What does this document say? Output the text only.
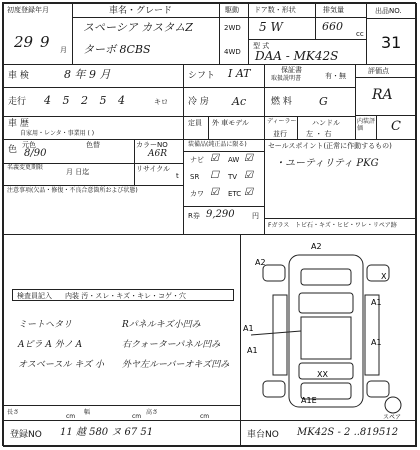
初度登録年月
29 9 月
車名・グレード
スペーシア カスタムZ
ターボ 8CBS
駆動
2WD
4WD
ドア数・形状
5 W
排気量
660
cc
型 式
DAA - MK42S
出品NO.
31
車 検	8 年 9 月	シフト I AT	保証書
取扱説明書	有・無
評価点
RA
走行 4 5 2 5 4	キロ 冷 房 Ac	燃 料 G
車 歴
自家用・レンタ・事業用 ( )
定員 外 車モデル	ディーラー
並行
ハンドル
左 ・ 右
内装評価	C
色 元色
8/90
色替	カラーNO
A6R
名義変更期限
月 日迄	リサイクル
t
装備品(純正品に限る)
ナビ ☑ AW ☑
SR ☐ TV ☑
カワ ☑ ETC ☑
R券 9,290 円
セールスポイント(正常に作動するもの)
・ユーティリティ PKG
注意事項(欠品・修復・不良合意箇所および状態)
Fガラス トビ石・キズ・ヒビ・ワレ・リペア跡
検査員記入 内装 汚・スレ・キズ・キレ・コゲ・穴
ミートヘタリ
Aピラ A 外ノ A
オスベースル キズ 小
Rパネルキズ小凹み
右クォーターパネル凹み
外ヤ左ルーバーオキズ凹み
A2
A2
A1
A1
A1
A1E
A1
XX
X
スペア
長さ
cm
幅
cm
高さ
cm
登録NO 11 越 580 ヌ 67 51	車台NO MK42S - 2 ..819512
